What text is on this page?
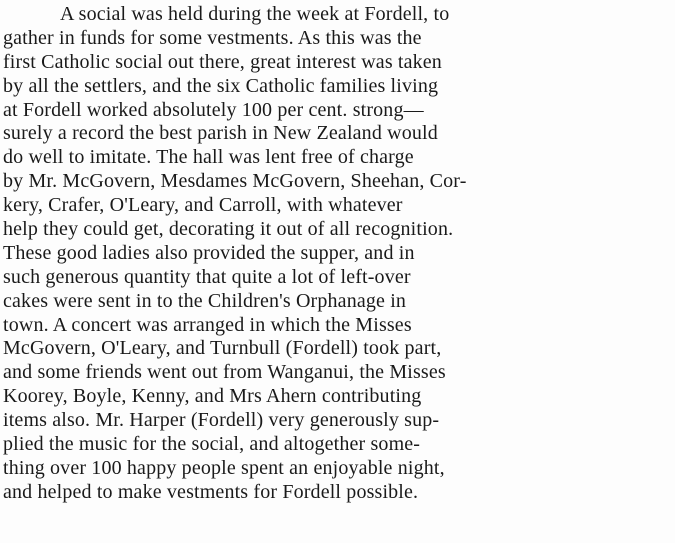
A social was held during the week at Fordell, to
gather in funds for some vestments. As this was the
first Catholic social out there, great interest was taken
by all the settlers, and the six Catholic families living
at Fordell worked absolutely 100 per cent. strong—
surely a record the best parish in New Zealand would
do well to imitate. The hall was lent free of charge
by Mr. McGovern, Mesdames McGovern, Sheehan, Cor-
kery, Crafer, O'Leary, and Carroll, with whatever
help they could get, decorating it out of all recognition.
These good ladies also provided the supper, and in
such generous quantity that quite a lot of left-over
cakes were sent in to the Children's Orphanage in
town. A concert was arranged in which the Misses
McGovern, O'Leary, and Turnbull (Fordell) took part,
and some friends went out from Wanganui, the Misses
Koorey, Boyle, Kenny, and Mrs Ahern contributing
items also. Mr. Harper (Fordell) very generously sup-
plied the music for the social, and altogether some-
thing over 100 happy people spent an enjoyable night,
and helped to make vestments for Fordell possible.
